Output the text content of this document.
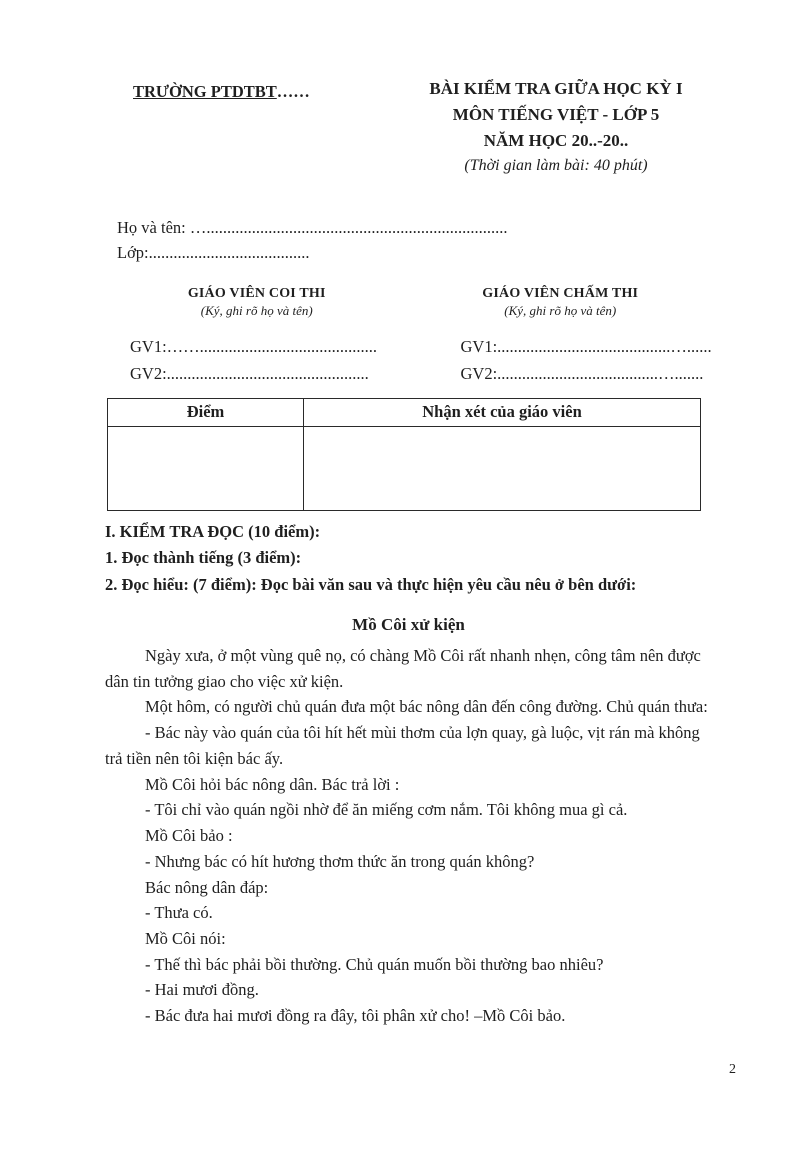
TRƯỜNG PTDTBT……	BÀI KIỂM TRA GIỮA HỌC KỲ I
MÔN TIẾNG VIỆT - LỚP 5
NĂM HỌC 20..-20..
(Thời gian làm bài: 40 phút)
Họ và tên: ….........................................................................
Lớp:.......................................
GIÁO VIÊN COI THI
(Ký, ghi rõ họ và tên)
GIÁO VIÊN CHẤM THI
(Ký, ghi rõ họ và tên)
GV1:……...........................................	GV1:..........................................…......
GV2:.................................................	GV2:.......................................….......
Điểm	Nhận xét của giáo viên

I. KIỂM TRA ĐỌC (10 điểm):
1. Đọc thành tiếng (3 điểm):
2. Đọc hiểu: (7 điểm): Đọc bài văn sau và thực hiện yêu cầu nêu ở bên dưới:
Mồ Côi xử kiện

Ngày xưa, ở một vùng quê nọ, có chàng Mồ Côi rất nhanh nhẹn, công tâm nên được dân tin tưởng giao cho việc xử kiện.

Một hôm, có người chủ quán đưa một bác nông dân đến công đường. Chủ quán thưa:

- Bác này vào quán của tôi hít hết mùi thơm của lợn quay, gà luộc, vịt rán mà không trả tiền nên tôi kiện bác ấy.

Mồ Côi hỏi bác nông dân. Bác trả lời :

- Tôi chỉ vào quán ngồi nhờ để ăn miếng cơm nắm. Tôi không mua gì cả.

Mồ Côi bảo :

- Nhưng bác có hít hương thơm thức ăn trong quán không?

Bác nông dân đáp:

- Thưa có.

Mồ Côi nói:

- Thế thì bác phải bồi thường. Chủ quán muốn bồi thường bao nhiêu?

- Hai mươi đồng.

- Bác đưa hai mươi đồng ra đây, tôi phân xử cho! –Mồ Côi bảo.

2
